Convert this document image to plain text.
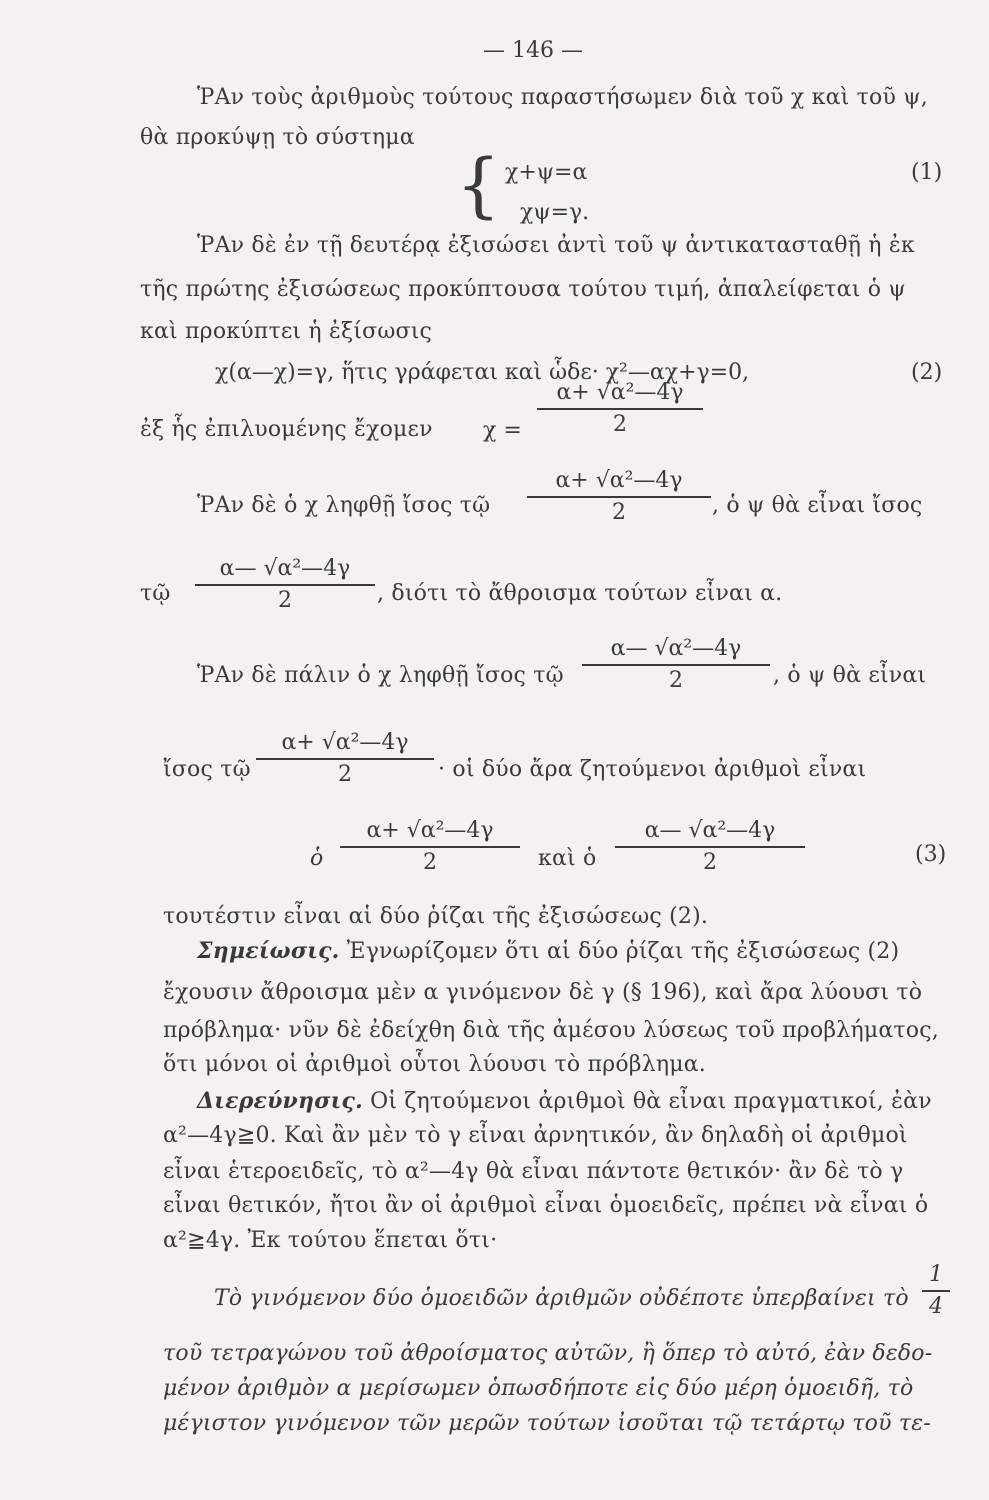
— 146 —
ῬΑν τοὺς ἀριθμοὺς τούτους παραστήσωμεν διὰ τοῦ χ καὶ τοῦ ψ,
θὰ προκύψῃ τὸ σύστημα
{ χ+ψ=α
χψ=γ.
(1)
ῬΑν δὲ ἐν τῇ δευτέρᾳ ἐξισώσει ἀντὶ τοῦ ψ ἀντικατασταθῇ ἡ ἐκ
τῆς πρώτης ἐξισώσεως προκύπτουσα τούτου τιμή, ἀπαλείφεται ὁ ψ
καὶ προκύπτει ἡ ἐξίσωσις
χ(α—χ)=γ, ἥτις γράφεται καὶ ὧδε· χ²—αχ+γ=0,	(2)
ἐξ ἧς ἐπιλυομένης ἔχομεν χ =
α+ √α²—4γ
2
ῬΑν δὲ ὁ χ ληφθῇ ἴσος τῷ
α+ √α²—4γ
2	, ὁ ψ θὰ εἶναι ἴσος
τῷ
α— √α²—4γ
2	, διότι τὸ ἄθροισμα τούτων εἶναι α.
ῬΑν δὲ πάλιν ὁ χ ληφθῇ ἴσος τῷ
α— √α²—4γ
2	, ὁ ψ θὰ εἶναι
ἴσος τῷ
α+ √α²—4γ
2	· οἱ δύο ἄρα ζητούμενοι ἀριθμοὶ εἶναι
ὁ
α+ √α²—4γ
2	καὶ ὁ
α— √α²—4γ
2	(3)
τουτέστιν εἶναι αἱ δύο ῥίζαι τῆς ἐξισώσεως (2).
Σημείωσις. Ἐγνωρίζομεν ὅτι αἱ δύο ῥίζαι τῆς ἐξισώσεως (2)
ἔχουσιν ἄθροισμα μὲν α γινόμενον δὲ γ (§ 196), καὶ ἄρα λύουσι τὸ
πρόβλημα· νῦν δὲ ἐδείχθη διὰ τῆς ἀμέσου λύσεως τοῦ προβλήματος,
ὅτι μόνοι οἱ ἀριθμοὶ οὗτοι λύουσι τὸ πρόβλημα.
Διερεύνησις. Οἱ ζητούμενοι ἀριθμοὶ θὰ εἶναι πραγματικοί, ἐὰν
α²—4γ≧0. Καὶ ἂν μὲν τὸ γ εἶναι ἀρνητικόν, ἂν δηλαδὴ οἱ ἀριθμοὶ
εἶναι ἑτεροειδεῖς, τὸ α²—4γ θὰ εἶναι πάντοτε θετικόν· ἂν δὲ τὸ γ
εἶναι θετικόν, ἤτοι ἂν οἱ ἀριθμοὶ εἶναι ὁμοειδεῖς, πρέπει νὰ εἶναι ὁ
α²≧4γ. Ἐκ τούτου ἕπεται ὅτι·
Τὸ γινόμενον δύο ὁμοειδῶν ἀριθμῶν οὐδέποτε ὑπερβαίνει τὸ
1
4
τοῦ τετραγώνου τοῦ ἀθροίσματος αὐτῶν, ἢ ὅπερ τὸ αὐτό, ἐὰν δεδο-
μένον ἀριθμὸν α μερίσωμεν ὁπωσδήποτε εἰς δύο μέρη ὁμοειδῆ, τὸ
μέγιστον γινόμενον τῶν μερῶν τούτων ἰσοῦται τῷ τετάρτῳ τοῦ τε-
